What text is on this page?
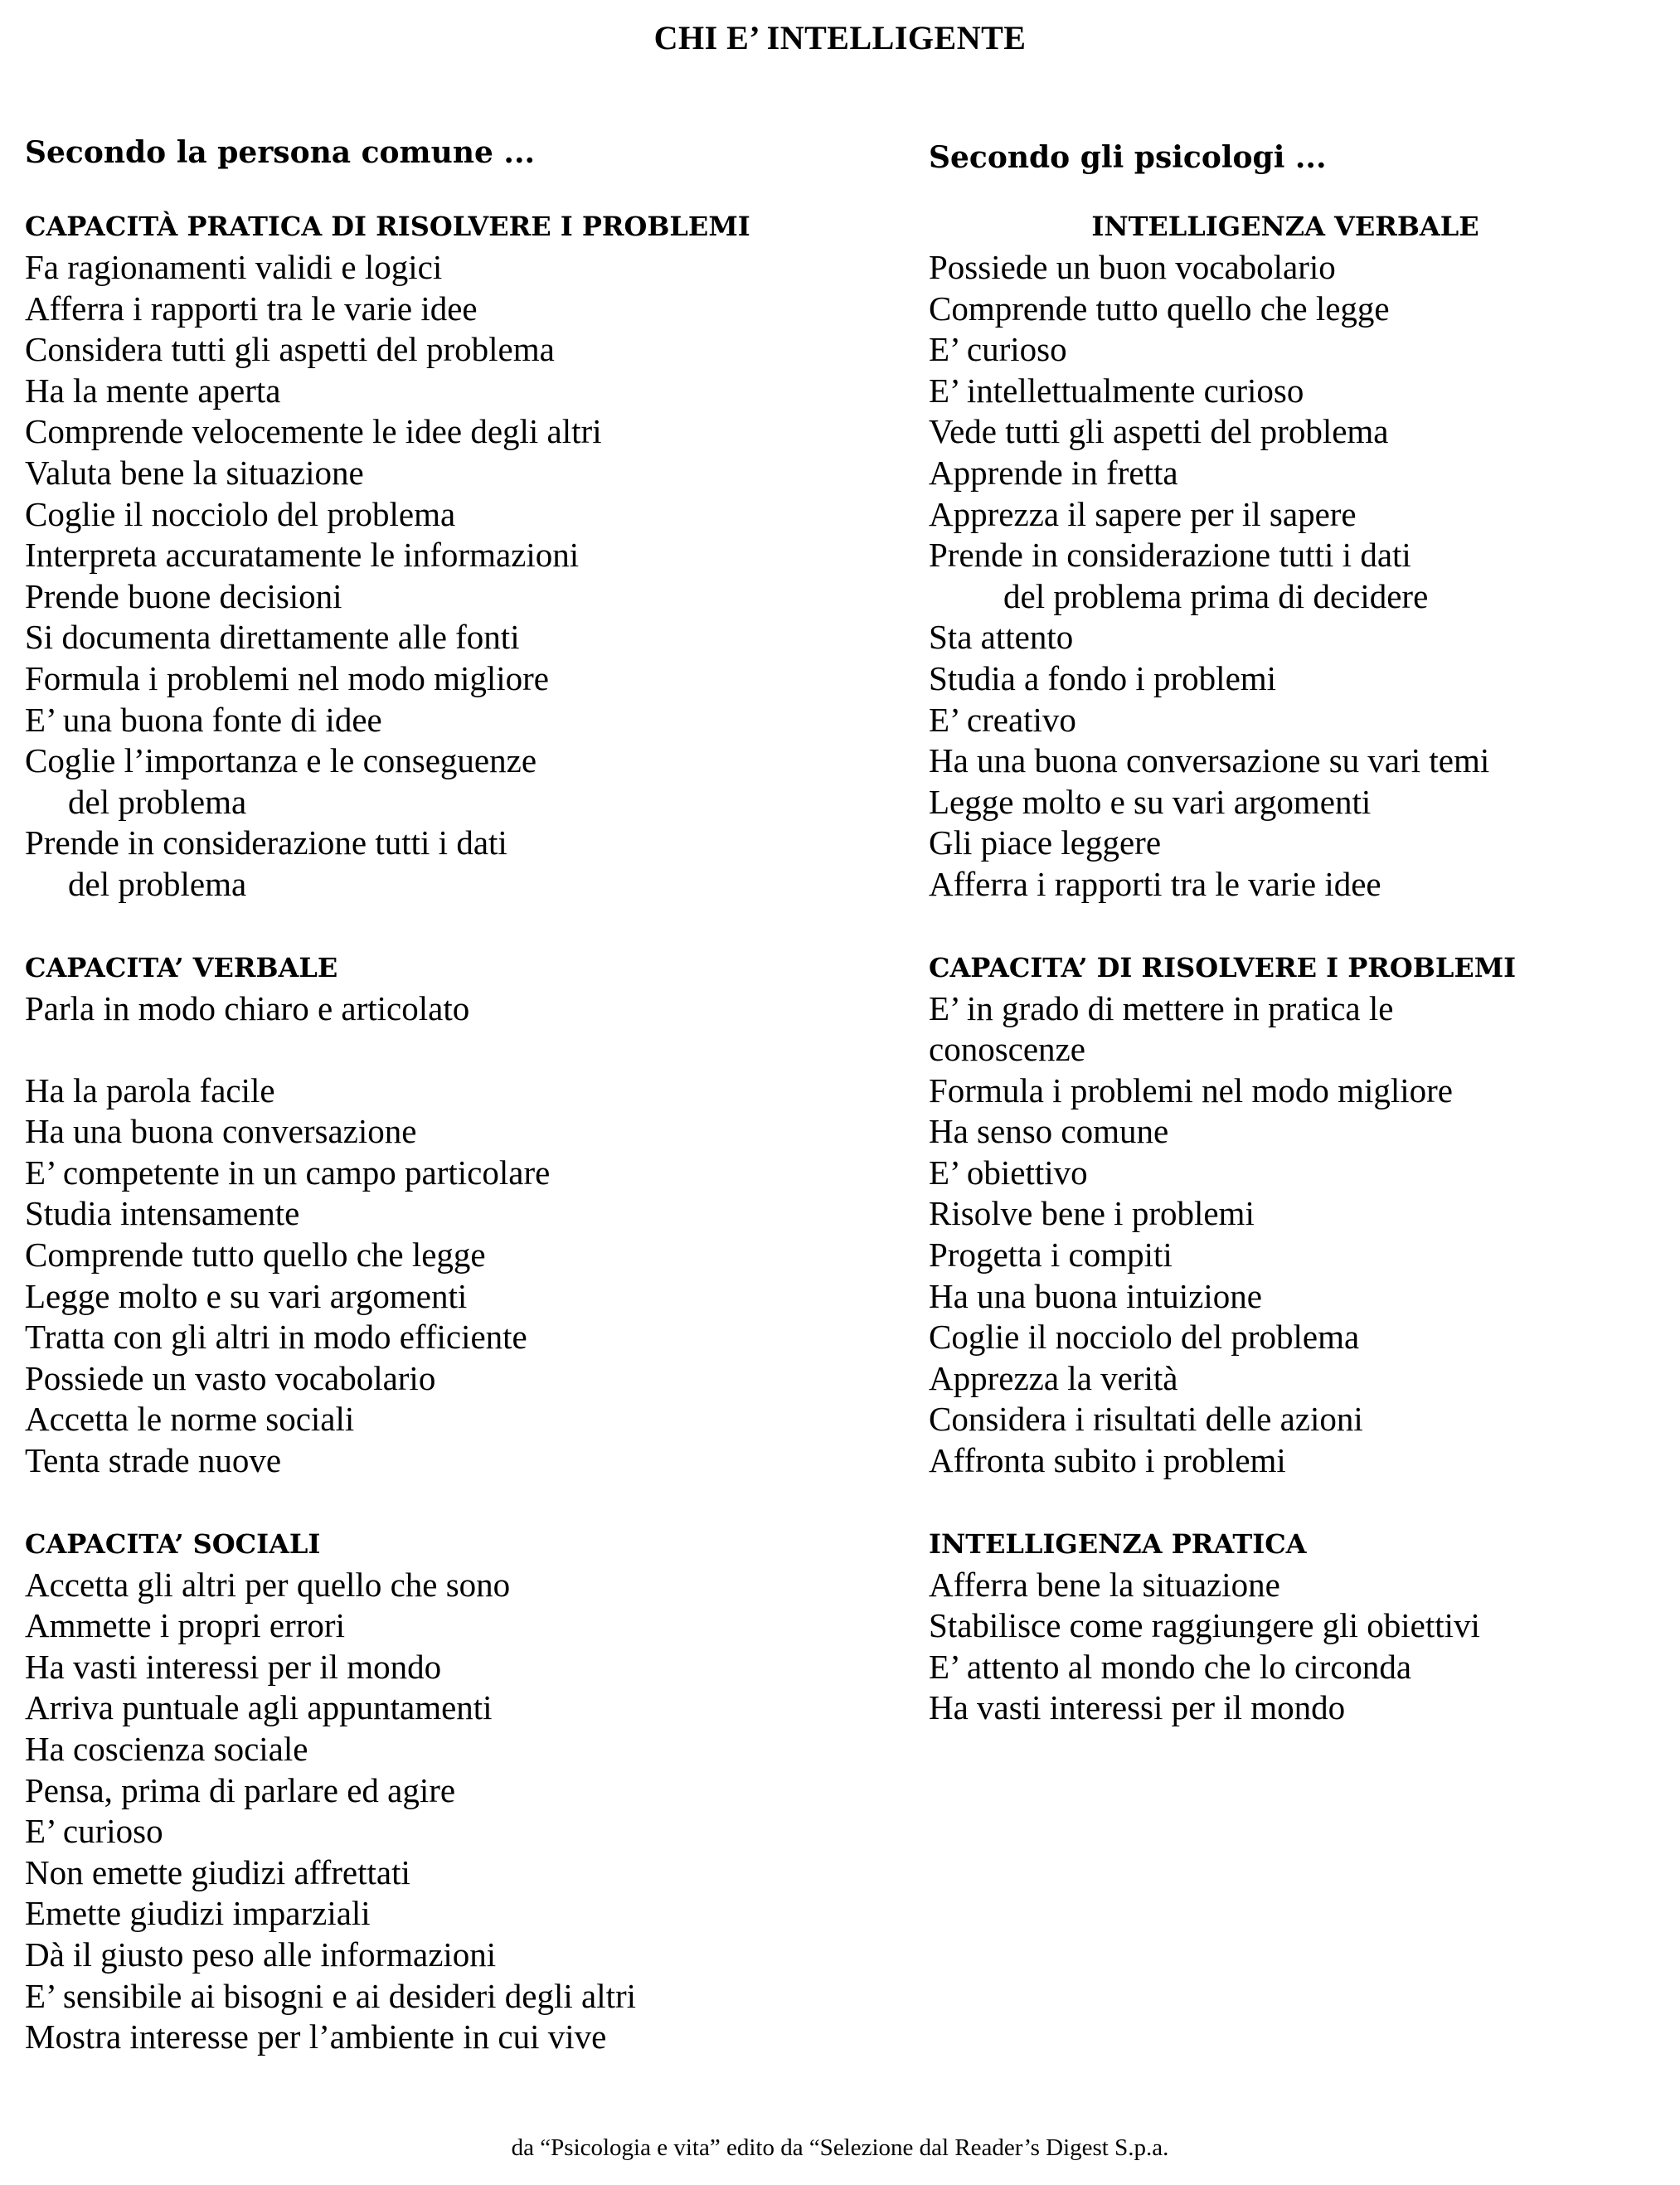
CHI E’ INTELLIGENTE
Secondo la persona comune ...
CAPACITÀ PRATICA DI RISOLVERE I PROBLEMI
Fa ragionamenti validi e logici
Afferra i rapporti tra le varie idee
Considera tutti gli aspetti del problema
Ha la mente aperta
Comprende velocemente le idee degli altri
Valuta bene la situazione
Coglie il nocciolo del problema
Interpreta accuratamente le informazioni
Prende buone decisioni
Si documenta direttamente alle fonti
Formula i problemi nel modo migliore
E’ una buona fonte di idee
Coglie l’importanza e le conseguenze
del problema
Prende in considerazione tutti i dati
del problema
CAPACITA’ VERBALE
Parla in modo chiaro e articolato
Ha la parola facile
Ha una buona conversazione
E’ competente in un campo particolare
Studia intensamente
Comprende tutto quello che legge
Legge molto e su vari argomenti
Tratta con gli altri in modo efficiente
Possiede un vasto vocabolario
Accetta le norme sociali
Tenta strade nuove
CAPACITA’ SOCIALI
Accetta gli altri per quello che sono
Ammette i propri errori
Ha vasti interessi per il mondo
Arriva puntuale agli appuntamenti
Ha coscienza sociale
Pensa, prima di parlare ed agire
E’ curioso
Non emette giudizi affrettati
Emette giudizi imparziali
Dà il giusto peso alle informazioni
E’ sensibile ai bisogni e ai desideri degli altri
Mostra interesse per l’ambiente in cui vive
Secondo gli psicologi ...
INTELLIGENZA VERBALE
Possiede un buon vocabolario
Comprende tutto quello che legge
E’ curioso
E’ intellettualmente curioso
Vede tutti gli aspetti del problema
Apprende in fretta
Apprezza il sapere per il sapere
Prende in considerazione tutti i dati
del problema prima di decidere
Sta attento
Studia a fondo i problemi
E’ creativo
Ha una buona conversazione su vari temi
Legge molto e su vari argomenti
Gli piace leggere
Afferra i rapporti tra le varie idee
CAPACITA’ DI RISOLVERE I PROBLEMI
E’ in grado di mettere in pratica le
conoscenze
Formula i problemi nel modo migliore
Ha senso comune
E’ obiettivo
Risolve bene i problemi
Progetta i compiti
Ha una buona intuizione
Coglie il nocciolo del problema
Apprezza la verità
Considera i risultati delle azioni
Affronta subito i problemi
INTELLIGENZA PRATICA
Afferra bene la situazione
Stabilisce come raggiungere gli obiettivi
E’ attento al mondo che lo circonda
Ha vasti interessi per il mondo
da “Psicologia e vita” edito da “Selezione dal Reader’s Digest S.p.a.
